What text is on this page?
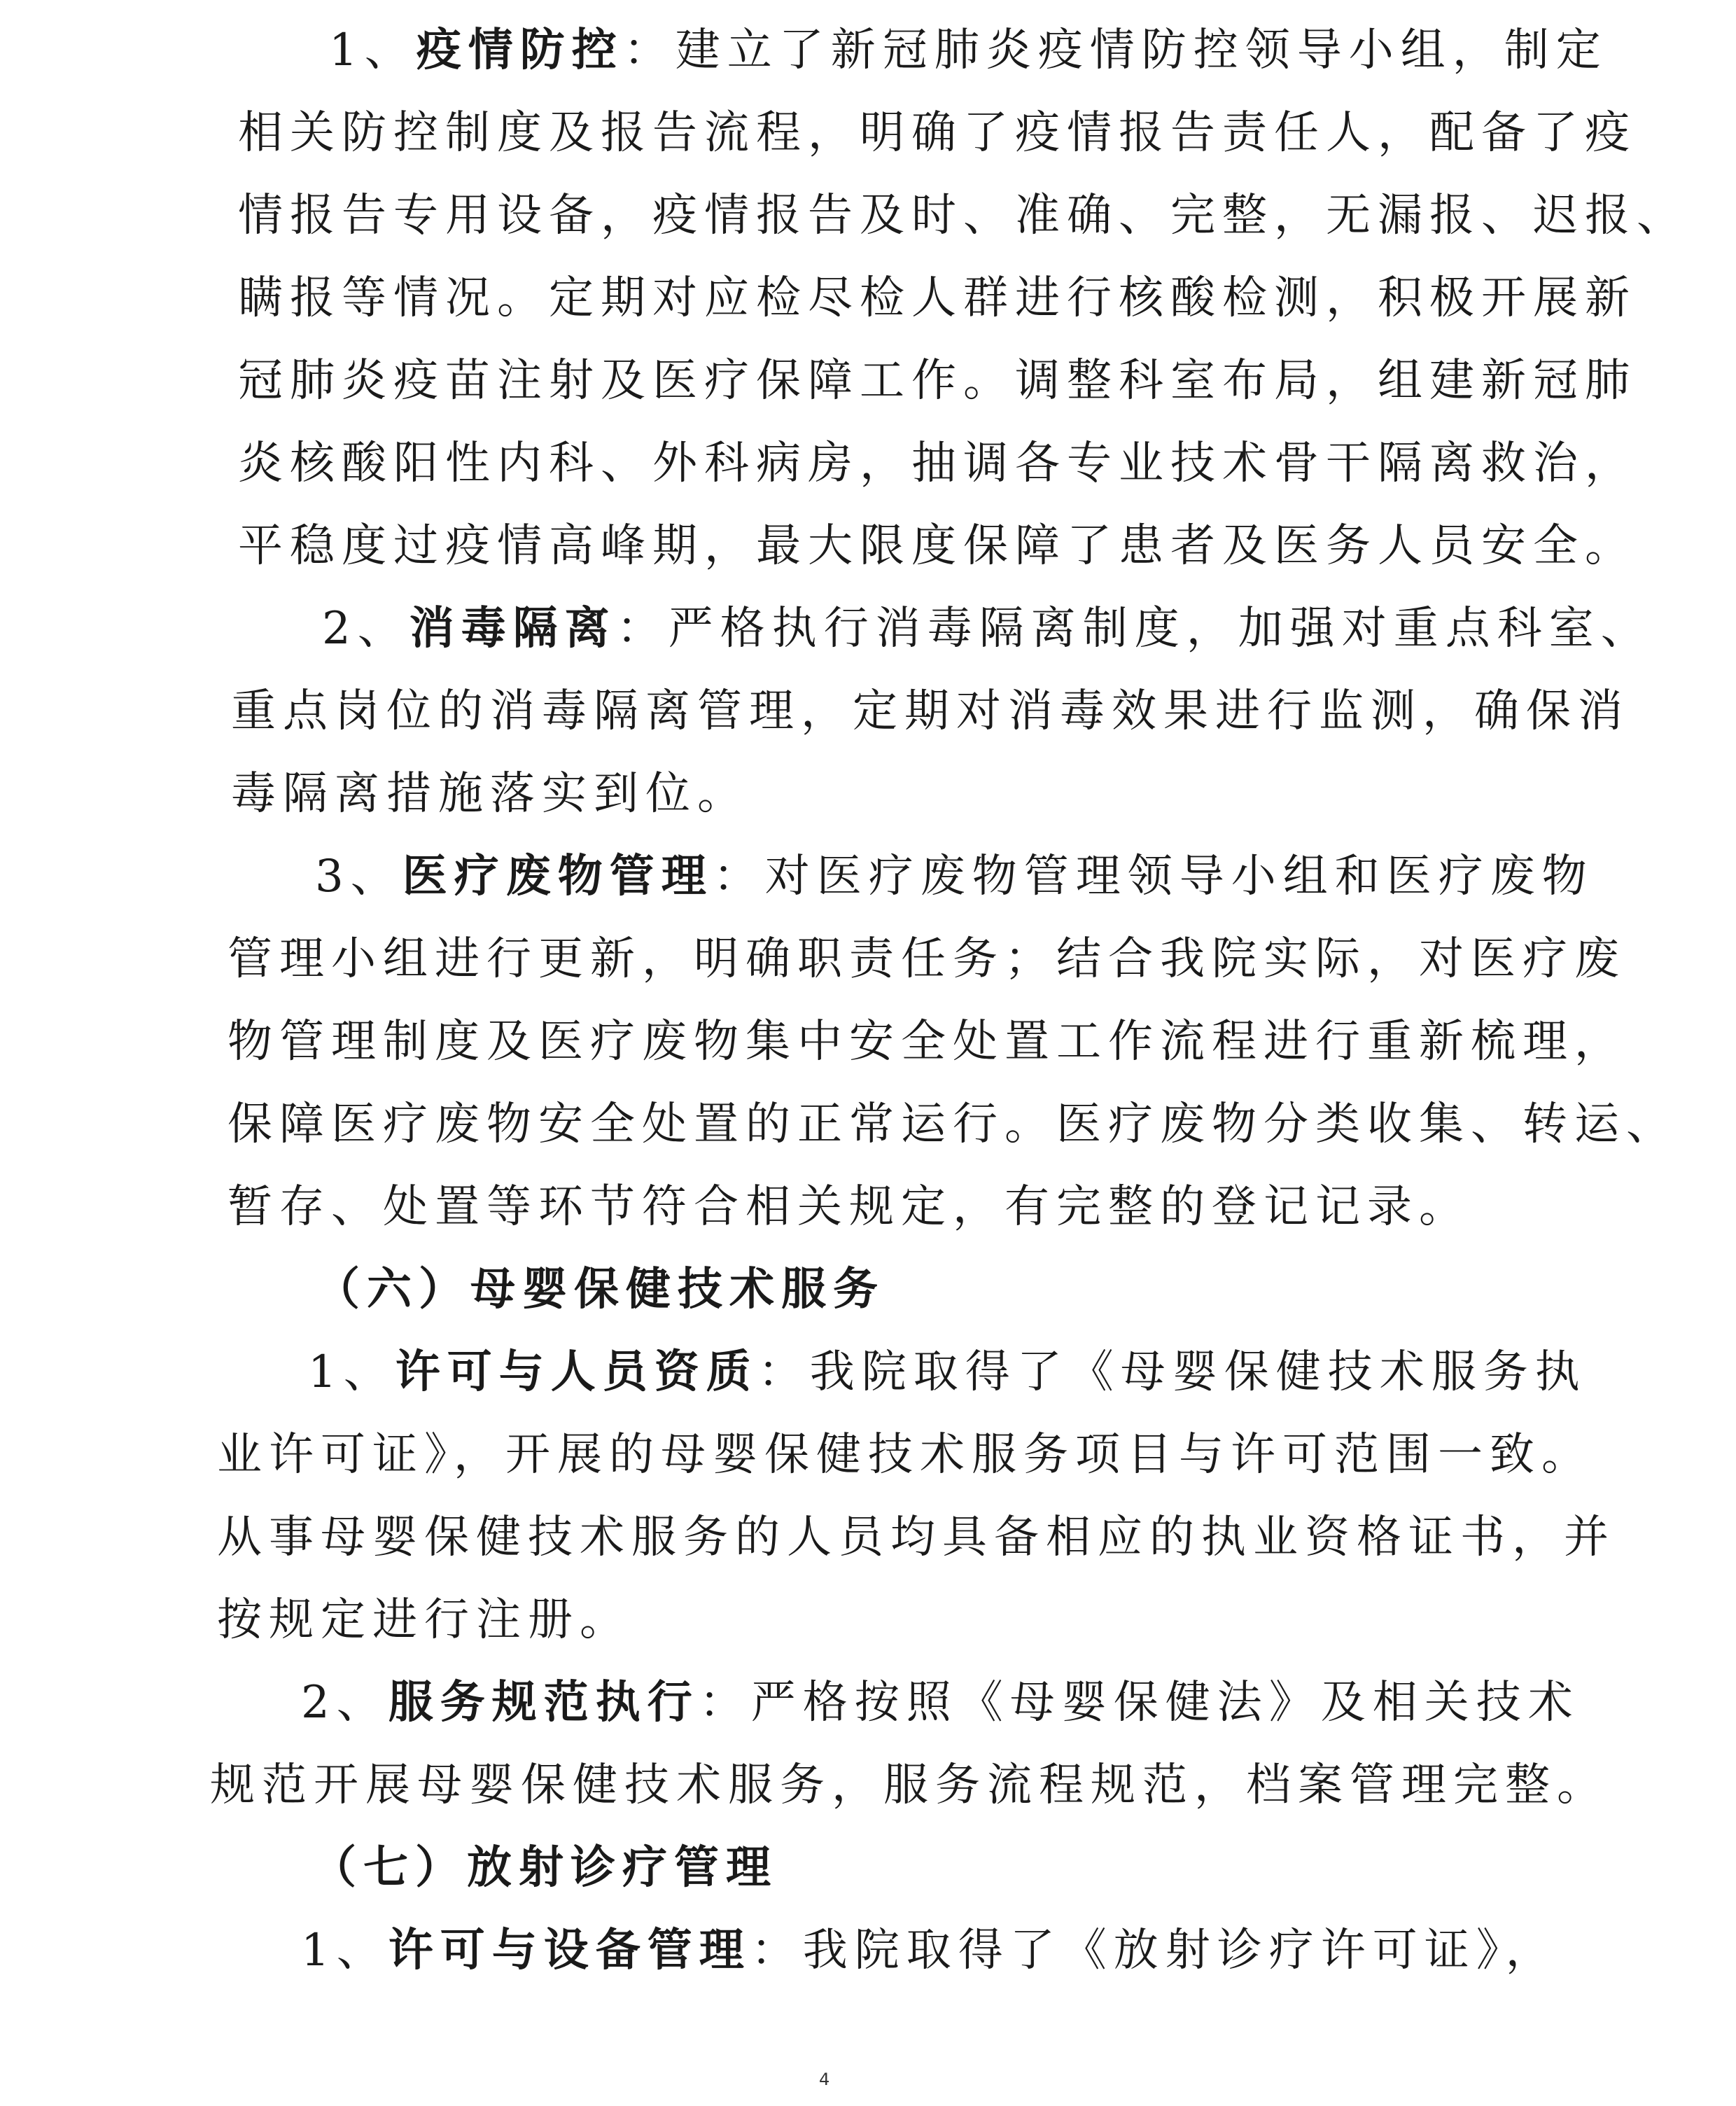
1、疫情防控：建立了新冠肺炎疫情防控领导小组，制定
相关防控制度及报告流程，明确了疫情报告责任人，配备了疫
情报告专用设备，疫情报告及时、准确、完整，无漏报、迟报、
瞒报等情况。定期对应检尽检人群进行核酸检测，积极开展新
冠肺炎疫苗注射及医疗保障工作。调整科室布局，组建新冠肺
炎核酸阳性内科、外科病房，抽调各专业技术骨干隔离救治，
平稳度过疫情高峰期，最大限度保障了患者及医务人员安全。
2、消毒隔离：严格执行消毒隔离制度，加强对重点科室、
重点岗位的消毒隔离管理，定期对消毒效果进行监测，确保消
毒隔离措施落实到位。
3、医疗废物管理：对医疗废物管理领导小组和医疗废物
管理小组进行更新，明确职责任务；结合我院实际，对医疗废
物管理制度及医疗废物集中安全处置工作流程进行重新梳理，
保障医疗废物安全处置的正常运行。医疗废物分类收集、转运、
暂存、处置等环节符合相关规定，有完整的登记记录。
（六）母婴保健技术服务
1、许可与人员资质：我院取得了《母婴保健技术服务执
业许可证》，开展的母婴保健技术服务项目与许可范围一致。
从事母婴保健技术服务的人员均具备相应的执业资格证书，并
按规定进行注册。
2、服务规范执行：严格按照《母婴保健法》及相关技术
规范开展母婴保健技术服务，服务流程规范，档案管理完整。
（七）放射诊疗管理
1、许可与设备管理：我院取得了《放射诊疗许可证》，
4
